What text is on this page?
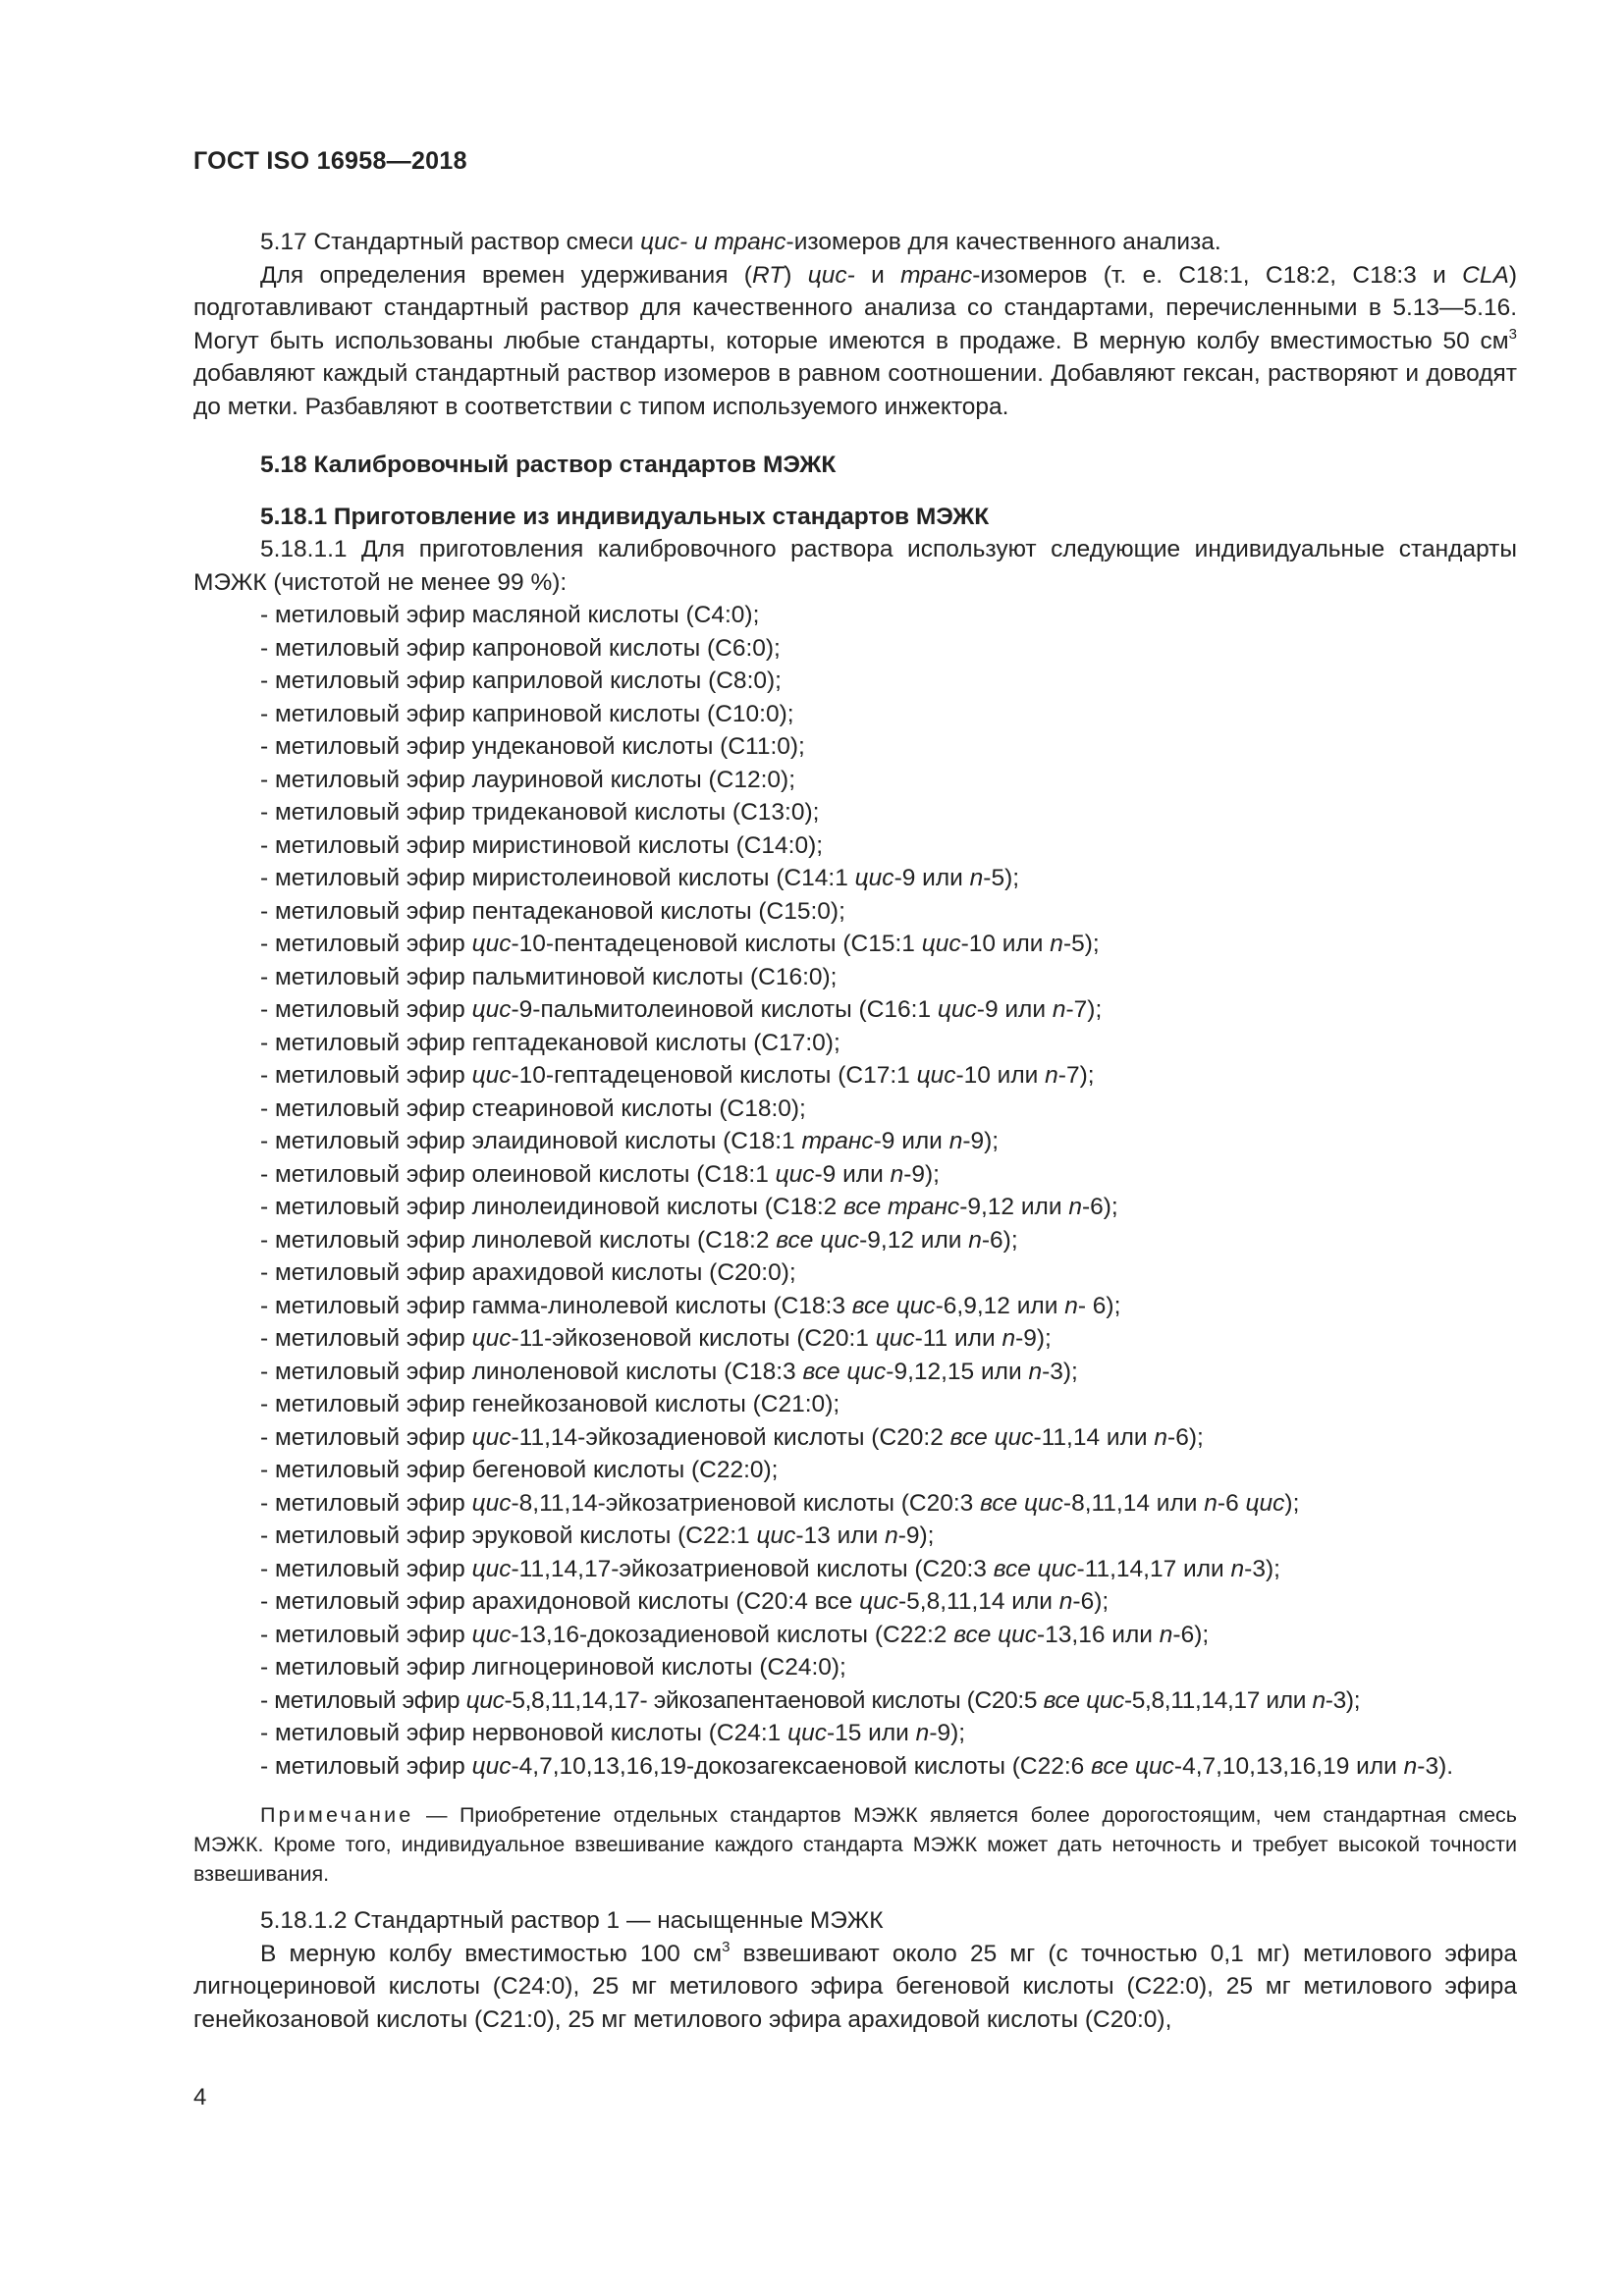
ГОСТ ISO 16958—2018

5.17 Стандартный раствор смеси цис- и транс-изомеров для качественного анализа.

Для определения времен удерживания (RT) цис- и транс-изомеров (т. е. С18:1, С18:2, С18:3 и CLA) подготавливают стандартный раствор для качественного анализа со стандартами, перечисленными в 5.13—5.16. Могут быть использованы любые стандарты, которые имеются в продаже. В мерную колбу вместимостью 50 $см^3$ добавляют каждый стандартный раствор изомеров в равном соотношении. Добавляют гексан, растворяют и доводят до метки. Разбавляют в соответствии с типом используемого инжектора.

5.18 Калибровочный раствор стандартов МЭЖК

5.18.1 Приготовление из индивидуальных стандартов МЭЖК

5.18.1.1 Для приготовления калибровочного раствора используют следующие индивидуальные стандарты МЭЖК (чистотой не менее 99 %):

- метиловый эфир масляной кислоты (С4:0);
- метиловый эфир капроновой кислоты (С6:0);
- метиловый эфир каприловой кислоты (С8:0);
- метиловый эфир каприновой кислоты (С10:0);
- метиловый эфир ундекановой кислоты (С11:0);
- метиловый эфир лауриновой кислоты (С12:0);
- метиловый эфир тридекановой кислоты (С13:0);
- метиловый эфир миристиновой кислоты (С14:0);
- метиловый эфир миристолеиновой кислоты (С14:1 цис-9 или n-5);
- метиловый эфир пентадекановой кислоты (С15:0);
- метиловый эфир цис-10-пентадеценовой кислоты (С15:1 цис-10 или n-5);
- метиловый эфир пальмитиновой кислоты (С16:0);
- метиловый эфир цис-9-пальмитолеиновой кислоты (С16:1 цис-9 или n-7);
- метиловый эфир гептадекановой кислоты (С17:0);
- метиловый эфир цис-10-гептадеценовой кислоты (С17:1 цис-10 или n-7);
- метиловый эфир стеариновой кислоты (С18:0);
- метиловый эфир элаидиновой кислоты (С18:1 транс-9 или n-9);
- метиловый эфир олеиновой кислоты (С18:1 цис-9 или n-9);
- метиловый эфир линолеидиновой кислоты (С18:2 все транс-9,12 или n-6);
- метиловый эфир линолевой кислоты (С18:2 все цис-9,12 или n-6);
- метиловый эфир арахидовой кислоты (С20:0);
- метиловый эфир гамма-линолевой кислоты (С18:3 все цис-6,9,12 или n- 6);
- метиловый эфир цис-11-эйкозеновой кислоты (С20:1 цис-11 или n-9);
- метиловый эфир линоленовой кислоты (С18:3 все цис-9,12,15 или n-3);
- метиловый эфир генейкозановой кислоты (С21:0);
- метиловый эфир цис-11,14-эйкозадиеновой кислоты (С20:2 все цис-11,14 или n-6);
- метиловый эфир бегеновой кислоты (С22:0);
- метиловый эфир цис-8,11,14-эйкозатриеновой кислоты (С20:3 все цис-8,11,14 или n-6 цис);
- метиловый эфир эруковой кислоты (С22:1 цис-13 или n-9);
- метиловый эфир цис-11,14,17-эйкозатриеновой кислоты (С20:3 все цис-11,14,17 или n-3);
- метиловый эфир арахидоновой кислоты (С20:4 все цис-5,8,11,14 или n-6);
- метиловый эфир цис-13,16-докозадиеновой кислоты (С22:2 все цис-13,16 или n-6);
- метиловый эфир лигноцериновой кислоты (С24:0);
- метиловый эфир цис-5,8,11,14,17- эйкозапентаеновой кислоты (С20:5 все цис-5,8,11,14,17 или n-3);
- метиловый эфир нервоновой кислоты (С24:1 цис-15 или n-9);
- метиловый эфир цис-4,7,10,13,16,19-докозагексаеновой кислоты (С22:6 все цис-4,7,10,13,16,19 или n-3).

Примечание — Приобретение отдельных стандартов МЭЖК является более дорогостоящим, чем стандартная смесь МЭЖК. Кроме того, индивидуальное взвешивание каждого стандарта МЭЖК может дать неточность и требует высокой точности взвешивания.

5.18.1.2 Стандартный раствор 1 — насыщенные МЭЖК

В мерную колбу вместимостью 100 $см^3$ взвешивают около 25 мг (с точностью 0,1 мг) метилового эфира лигноцериновой кислоты (С24:0), 25 мг метилового эфира бегеновой кислоты (С22:0), 25 мг метилового эфира генейкозановой кислоты (С21:0), 25 мг метилового эфира арахидовой кислоты (С20:0),

4
